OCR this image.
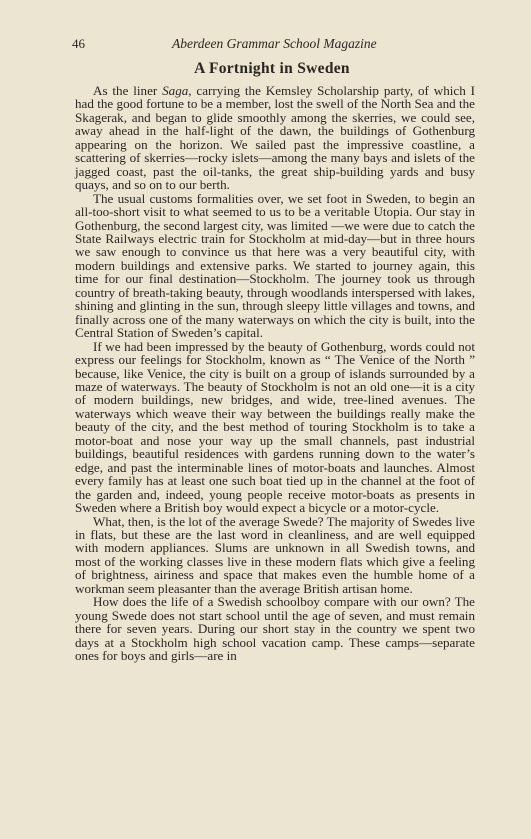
46	Aberdeen Grammar School Magazine
A Fortnight in Sweden

As the liner Saga, carrying the Kemsley Scholarship party, of which I had the good fortune to be a member, lost the swell of the North Sea and the Skagerak, and began to glide smoothly among the skerries, we could see, away ahead in the half-light of the dawn, the buildings of Gothenburg appearing on the horizon. We sailed past the impressive coastline, a scattering of skerries—rocky islets—among the many bays and islets of the jagged coast, past the oil-tanks, the great ship-building yards and busy quays, and so on to our berth.

The usual customs formalities over, we set foot in Sweden, to begin an all-too-short visit to what seemed to us to be a veritable Utopia. Our stay in Gothenburg, the second largest city, was limited —we were due to catch the State Railways electric train for Stockholm at mid-day—but in three hours we saw enough to convince us that here was a very beautiful city, with modern buildings and extensive parks. We started to journey again, this time for our final destination—Stockholm. The journey took us through country of breath-taking beauty, through woodlands interspersed with lakes, shining and glinting in the sun, through sleepy little villages and towns, and finally across one of the many waterways on which the city is built, into the Central Station of Sweden’s capital.

If we had been impressed by the beauty of Gothenburg, words could not express our feelings for Stockholm, known as “ The Venice of the North ” because, like Venice, the city is built on a group of islands surrounded by a maze of waterways. The beauty of Stockholm is not an old one—it is a city of modern buildings, new bridges, and wide, tree-lined avenues. The waterways which weave their way between the buildings really make the beauty of the city, and the best method of touring Stockholm is to take a motor-boat and nose your way up the small channels, past industrial buildings, beautiful residences with gardens running down to the water’s edge, and past the interminable lines of motor-boats and launches. Almost every family has at least one such boat tied up in the channel at the foot of the garden and, indeed, young people receive motor-boats as presents in Sweden where a British boy would expect a bicycle or a motor-cycle.

What, then, is the lot of the average Swede? The majority of Swedes live in flats, but these are the last word in cleanliness, and are well equipped with modern appliances. Slums are unknown in all Swedish towns, and most of the working classes live in these modern flats which give a feeling of brightness, airiness and space that makes even the humble home of a workman seem pleasanter than the average British artisan home.

How does the life of a Swedish schoolboy compare with our own? The young Swede does not start school until the age of seven, and must remain there for seven years. During our short stay in the country we spent two days at a Stockholm high school vacation camp. These camps—separate ones for boys and girls—are in
